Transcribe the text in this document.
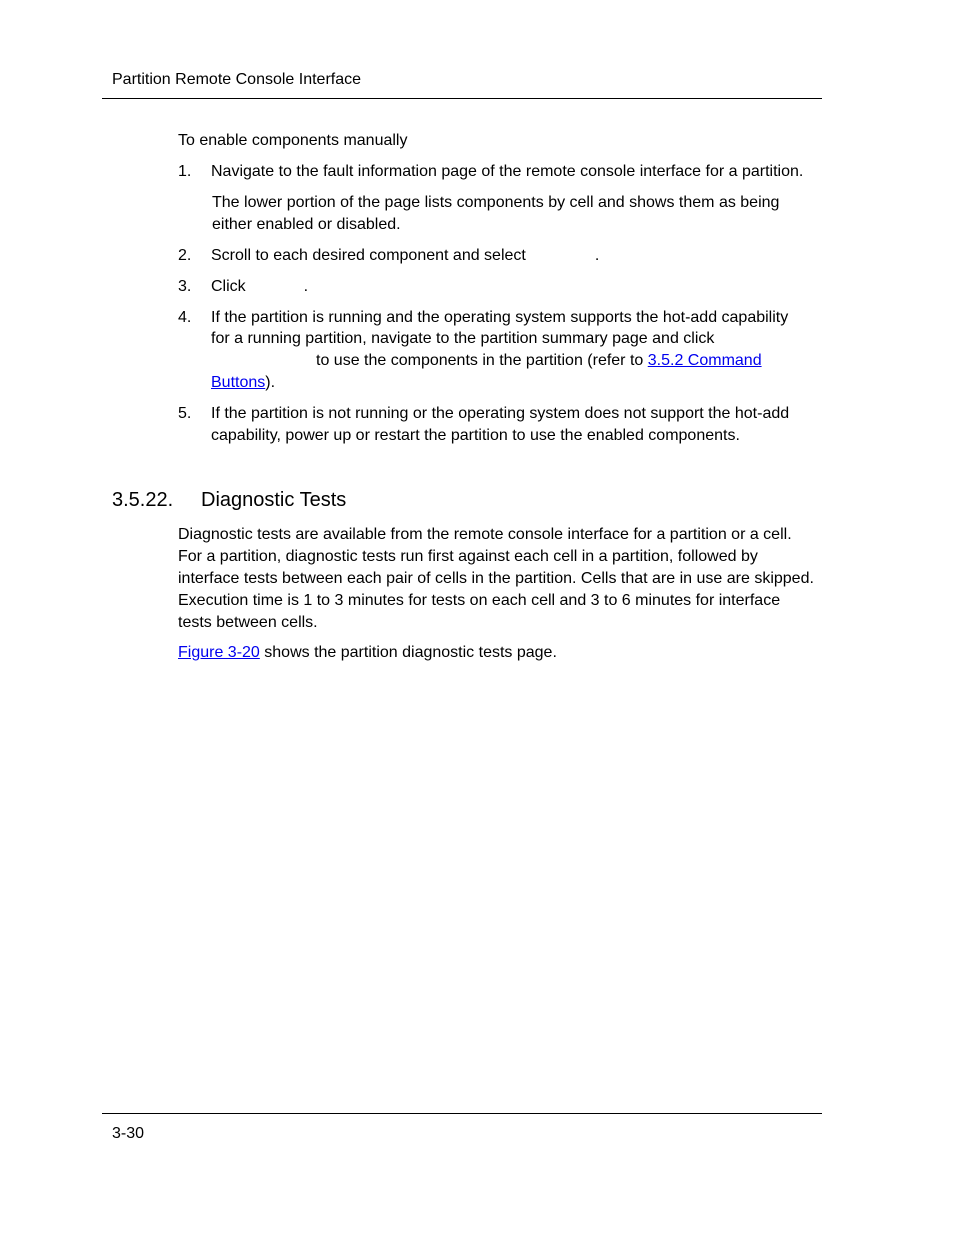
Partition Remote Console Interface
To enable components manually
1. Navigate to the fault information page of the remote console interface for a partition.
The lower portion of the page lists components by cell and shows them as being either enabled or disabled.
2. Scroll to each desired component and select	.
3. Click	.
4. If the partition is running and the operating system supports the hot-add capability
for a running partition, navigate to the partition summary page and click
to use the components in the partition (refer to 3.5.2 Command
Buttons).
5. If the partition is not running or the operating system does not support the hot-add capability, power up or restart the partition to use the enabled components.
3.5.22. Diagnostic Tests
Diagnostic tests are available from the remote console interface for a partition or a cell. For a partition, diagnostic tests run first against each cell in a partition, followed by interface tests between each pair of cells in the partition. Cells that are in use are skipped. Execution time is 1 to 3 minutes for tests on each cell and 3 to 6 minutes for interface tests between cells.
Figure 3-20 shows the partition diagnostic tests page.
3-30
